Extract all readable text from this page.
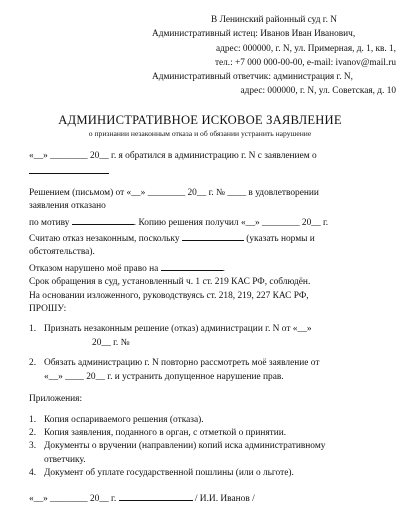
В Ленинский районный суд г. N
Административный истец: Иванов Иван Иванович,
адрес: 000000, г. N, ул. Примерная, д. 1, кв. 1,
тел.: +7 000 000-00-00, e-mail: ivanov@mail.ru
Административный ответчик: администрация г. N,
адрес: 000000, г. N, ул. Советская, д. 10
АДМИНИСТРАТИВНОЕ ИСКОВОЕ ЗАЯВЛЕНИЕ
о признании незаконным отказа и об обязании устранить нарушение
«__» ________ 20__ г. я обратился в администрацию г. N с заявлением о
Решением (письмом) от «__» ________ 20__ г. № ____ в удовлетворении
заявления отказано
по мотиву	. Копию решения получил «__» ________ 20__ г.
Считаю отказ незаконным, поскольку	(указать нормы и
обстоятельства).
Отказом нарушено моё право на	.
Срок обращения в суд, установленный ч. 1 ст. 219 КАС РФ, соблюдён.
На основании изложенного, руководствуясь ст. 218, 219, 227 КАС РФ,
ПРОШУ:
1. Признать незаконным решение (отказ) администрации г. N от «__»
20__ г. №
2. Обязать администрацию г. N повторно рассмотреть моё заявление от
«__» ____ 20__ г. и устранить допущенное нарушение прав.
Приложения:
1. Копия оспариваемого решения (отказа).
2. Копия заявления, поданного в орган, с отметкой о принятии.
3. Документы о вручении (направлении) копий иска административному
ответчику.
4. Документ об уплате государственной пошлины (или о льготе).
«__» ________ 20__ г.	/ И.И. Иванов /
